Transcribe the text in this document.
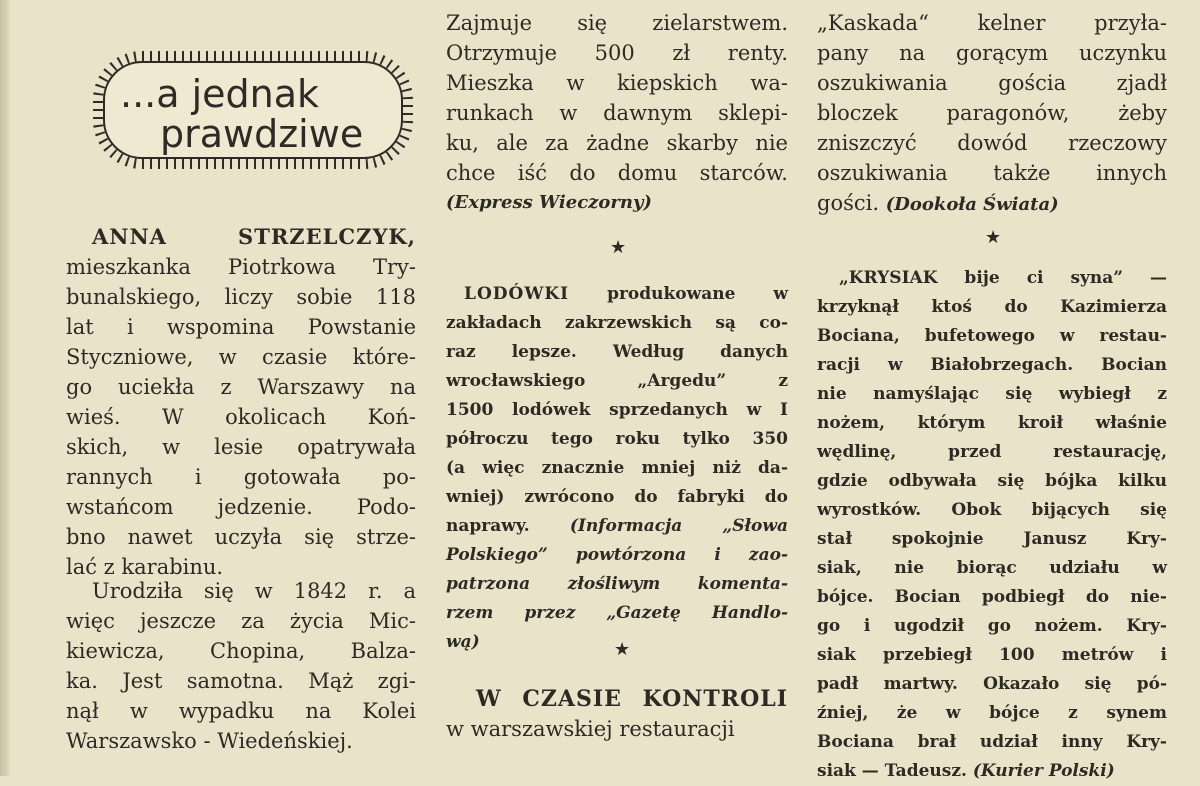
...a jednak
prawdziwe
ANNA STRZELCZYK,
mieszkanka Piotrkowa Try-
bunalskiego, liczy sobie 118
lat i wspomina Powstanie
Styczniowe, w czasie które-
go uciekła z Warszawy na
wieś. W okolicach Koń-
skich, w lesie opatrywała
rannych i gotowała po-
wstańcom jedzenie. Podo-
bno nawet uczyła się strze-
lać z karabinu.
Urodziła się w 1842 r. a
więc jeszcze za życia Mic-
kiewicza, Chopina, Balza-
ka. Jest samotna. Mąż zgi-
nął w wypadku na Kolei
Warszawsko - Wiedeńskiej.
Zajmuje się zielarstwem.
Otrzymuje 500 zł renty.
Mieszka w kiepskich wa-
runkach w dawnym sklepi-
ku, ale za żadne skarby nie
chce iść do domu starców.
(Express Wieczorny)
★
LODÓWKI produkowane w
zakładach zakrzewskich są co-
raz lepsze. Według danych
wrocławskiego „Argedu” z
1500 lodówek sprzedanych w I
półroczu tego roku tylko 350
(a więc znacznie mniej niż da-
wniej) zwrócono do fabryki do
naprawy. (Informacja „Słowa
Polskiego” powtórzona i zao-
patrzona złośliwym komenta-
rzem przez „Gazetę Handlo-
wą)	★
W CZASIE KONTROLI
w warszawskiej restauracji
„Kaskada“ kelner przyła-
pany na gorącym uczynku
oszukiwania gościa zjadł
bloczek paragonów, żeby
zniszczyć dowód rzeczowy
oszukiwania także innych
gości. (Dookoła Świata)
★
„KRYSIAK bije ci syna” —
krzyknął ktoś do Kazimierza
Bociana, bufetowego w restau-
racji w Białobrzegach. Bocian
nie namyślając się wybiegł z
nożem, którym kroił właśnie
wędlinę, przed restaurację,
gdzie odbywała się bójka kilku
wyrostków. Obok bijących się
stał spokojnie Janusz Kry-
siak, nie biorąc udziału w
bójce. Bocian podbiegł do nie-
go i ugodził go nożem. Kry-
siak przebiegł 100 metrów i
padł martwy. Okazało się pó-
źniej, że w bójce z synem
Bociana brał udział inny Kry-
siak — Tadeusz. (Kurier Polski)
